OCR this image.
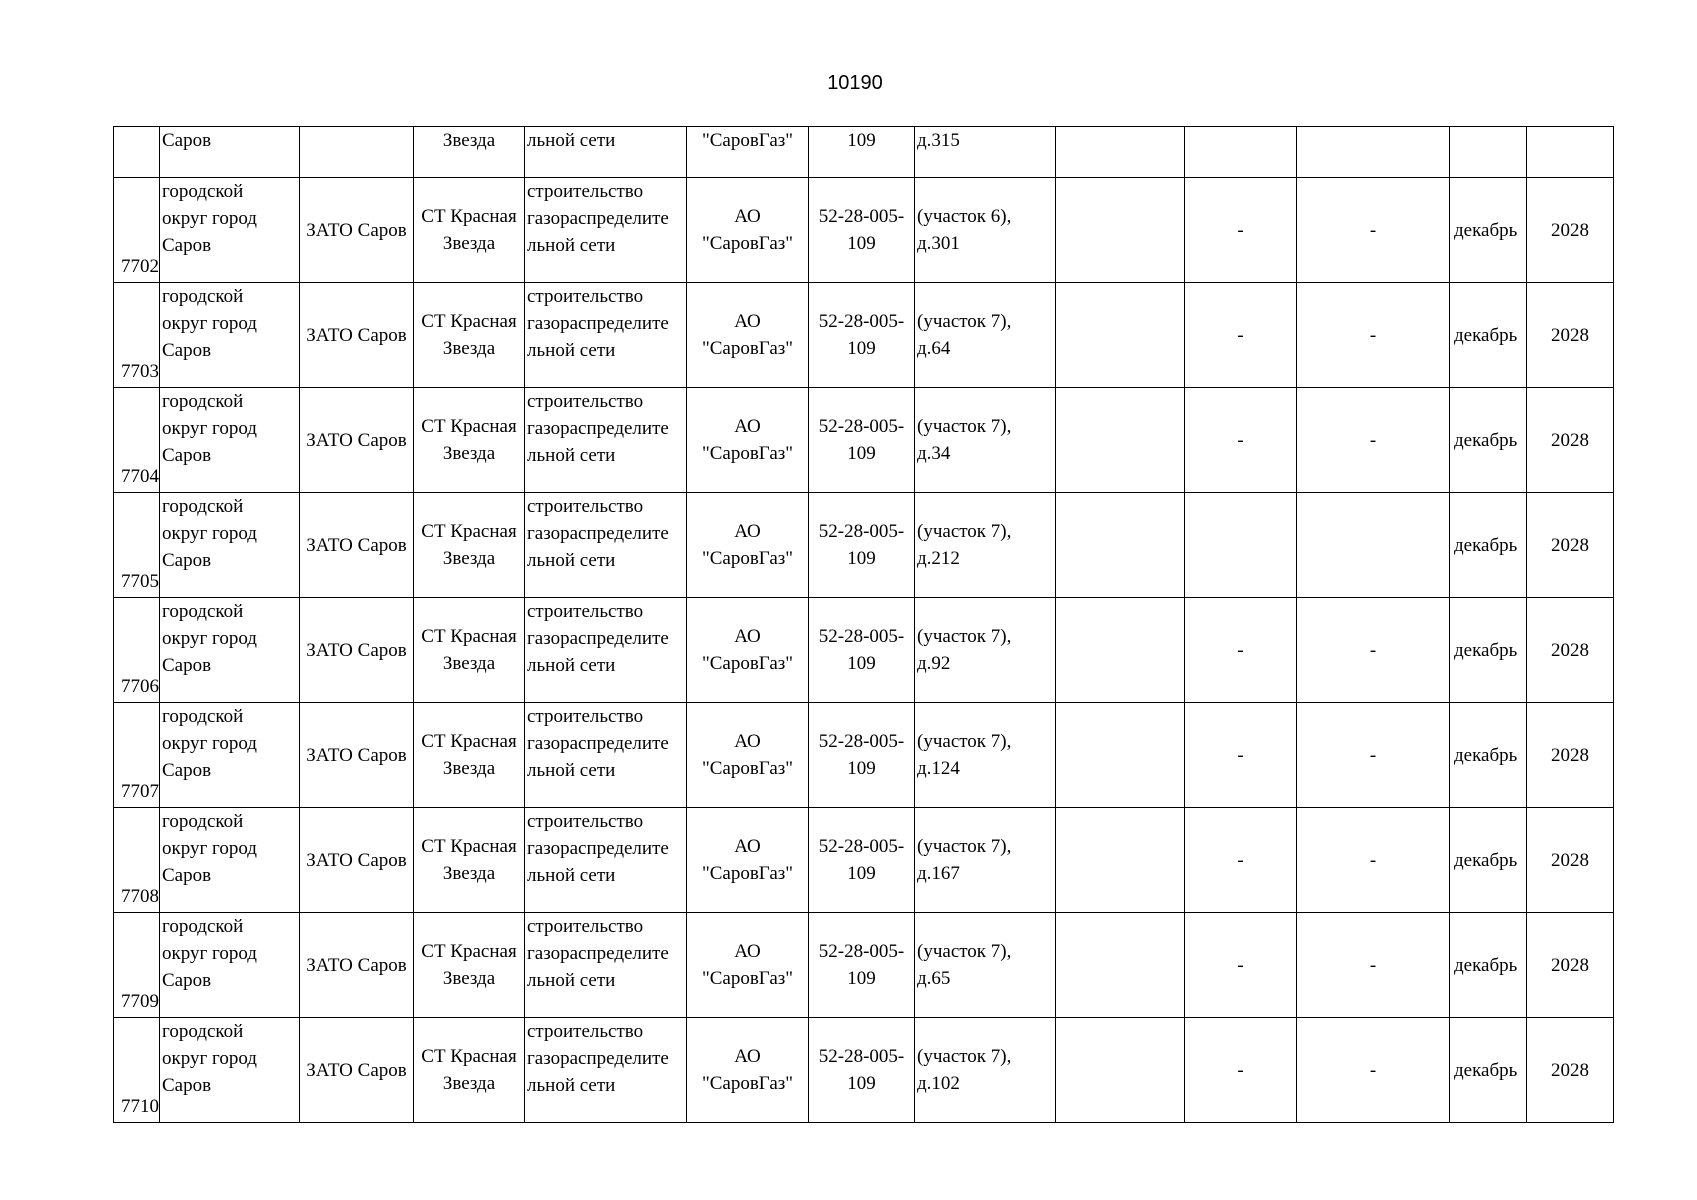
10190
	Саров		Звезда	льной сети	"СаровГаз"	109	д.315					
7702	городской
округ город
Саров	ЗАТО Саров	СТ Красная
Звезда	строительство
газораспределите
льной сети	АО
"СаровГаз"	52-28-005-
109	(участок 6),
д.301		-	-	декабрь	2028
7703	городской
округ город
Саров	ЗАТО Саров	СТ Красная
Звезда	строительство
газораспределите
льной сети	АО
"СаровГаз"	52-28-005-
109	(участок 7),
д.64		-	-	декабрь	2028
7704	городской
округ город
Саров	ЗАТО Саров	СТ Красная
Звезда	строительство
газораспределите
льной сети	АО
"СаровГаз"	52-28-005-
109	(участок 7),
д.34		-	-	декабрь	2028
7705	городской
округ город
Саров	ЗАТО Саров	СТ Красная
Звезда	строительство
газораспределите
льной сети	АО
"СаровГаз"	52-28-005-
109	(участок 7),
д.212				декабрь	2028
7706	городской
округ город
Саров	ЗАТО Саров	СТ Красная
Звезда	строительство
газораспределите
льной сети	АО
"СаровГаз"	52-28-005-
109	(участок 7),
д.92		-	-	декабрь	2028
7707	городской
округ город
Саров	ЗАТО Саров	СТ Красная
Звезда	строительство
газораспределите
льной сети	АО
"СаровГаз"	52-28-005-
109	(участок 7),
д.124		-	-	декабрь	2028
7708	городской
округ город
Саров	ЗАТО Саров	СТ Красная
Звезда	строительство
газораспределите
льной сети	АО
"СаровГаз"	52-28-005-
109	(участок 7),
д.167		-	-	декабрь	2028
7709	городской
округ город
Саров	ЗАТО Саров	СТ Красная
Звезда	строительство
газораспределите
льной сети	АО
"СаровГаз"	52-28-005-
109	(участок 7),
д.65		-	-	декабрь	2028
7710	городской
округ город
Саров	ЗАТО Саров	СТ Красная
Звезда	строительство
газораспределите
льной сети	АО
"СаровГаз"	52-28-005-
109	(участок 7),
д.102		-	-	декабрь	2028
